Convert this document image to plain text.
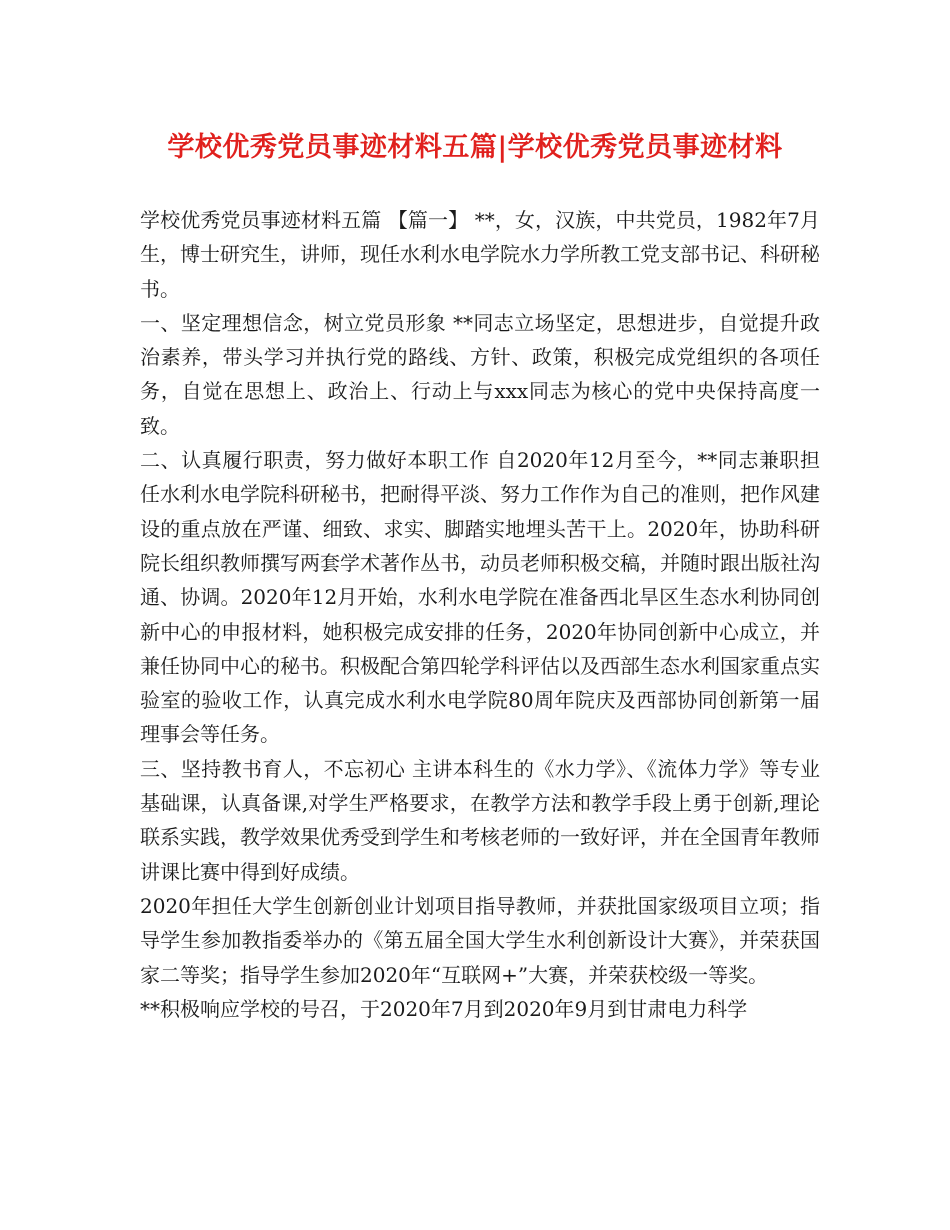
学校优秀党员事迹材料五篇|学校优秀党员事迹材料

学校优秀党员事迹材料五篇 【篇一】 **，女，汉族，中共党员，1982年7月生，博士研究生，讲师，现任水利水电学院水力学所教工党支部书记、科研秘书。

一、坚定理想信念，树立党员形象 **同志立场坚定，思想进步，自觉提升政治素养，带头学习并执行党的路线、方针、政策，积极完成党组织的各项任务，自觉在思想上、政治上、行动上与xxx同志为核心的党中央保持高度一致。

二、认真履行职责，努力做好本职工作 自2020年12月至今，**同志兼职担任水利水电学院科研秘书，把耐得平淡、努力工作作为自己的准则，把作风建设的重点放在严谨、细致、求实、脚踏实地埋头苦干上。2020年，协助科研院长组织教师撰写两套学术著作丛书，动员老师积极交稿，并随时跟出版社沟通、协调。2020年12月开始，水利水电学院在准备西北旱区生态水利协同创新中心的申报材料，她积极完成安排的任务，2020年协同创新中心成立，并兼任协同中心的秘书。积极配合第四轮学科评估以及西部生态水利国家重点实验室的验收工作，认真完成水利水电学院80周年院庆及西部协同创新第一届理事会等任务。

三、坚持教书育人，不忘初心 主讲本科生的《水力学》、《流体力学》等专业基础课，认真备课,对学生严格要求，在教学方法和教学手段上勇于创新,理论联系实践，教学效果优秀受到学生和考核老师的一致好评，并在全国青年教师讲课比赛中得到好成绩。

2020年担任大学生创新创业计划项目指导教师，并获批国家级项目立项；指导学生参加教指委举办的《第五届全国大学生水利创新设计大赛》，并荣获国家二等奖；指导学生参加2020年“互联网+”大赛，并荣获校级一等奖。

**积极响应学校的号召，于2020年7月到2020年9月到甘肃电力科学
